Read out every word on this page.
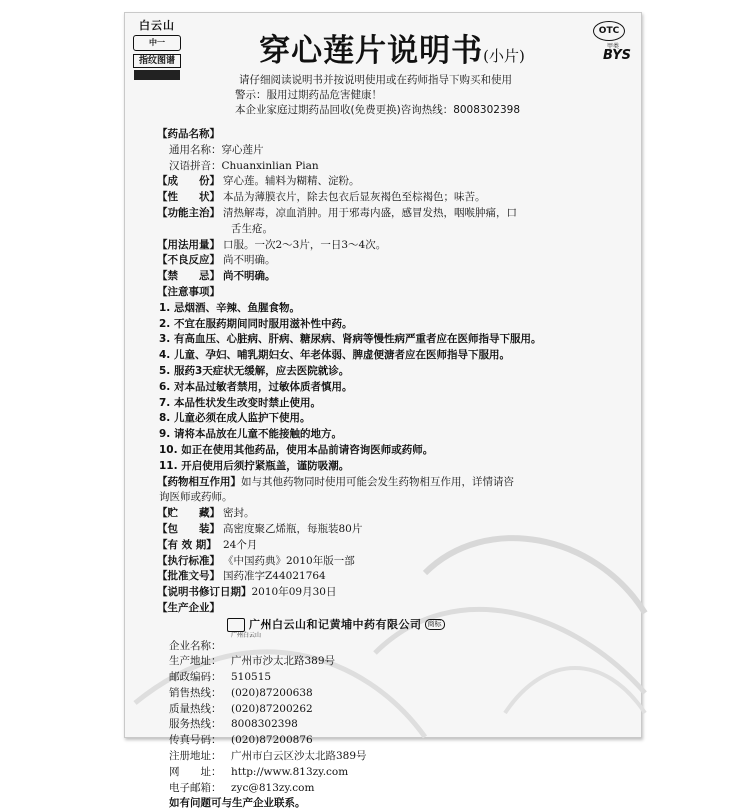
白云山
中一
指纹图谱	穿心莲片说明书(小片)
OTC
甲类
BYS
请仔细阅读说明书并按说明使用或在药师指导下购买和使用
警示：服用过期药品危害健康！
本企业家庭过期药品回收(免费更换)咨询热线：8008302398
【药品名称】
通用名称：穿心莲片
汉语拼音：Chuanxinlian Pian
【成　　份】 穿心莲。辅料为糊精、淀粉。
【性　　状】 本品为薄膜衣片，除去包衣后显灰褐色至棕褐色；味苦。
【功能主治】 清热解毒，凉血消肿。用于邪毒内盛，感冒发热，咽喉肿痛，口
舌生疮。
【用法用量】 口服。一次2～3片，一日3～4次。
【不良反应】 尚不明确。
【禁　　忌】 尚不明确。
【注意事项】
1. 忌烟酒、辛辣、鱼腥食物。
2. 不宜在服药期间同时服用滋补性中药。
3. 有高血压、心脏病、肝病、糖尿病、肾病等慢性病严重者应在医师指导下服用。
4. 儿童、孕妇、哺乳期妇女、年老体弱、脾虚便溏者应在医师指导下服用。
5. 服药3天症状无缓解，应去医院就诊。
6. 对本品过敏者禁用，过敏体质者慎用。
7. 本品性状发生改变时禁止使用。
8. 儿童必须在成人监护下使用。
9. 请将本品放在儿童不能接触的地方。
10. 如正在使用其他药品，使用本品前请咨询医师或药师。
11. 开启使用后须拧紧瓶盖，谨防吸潮。
【药物相互作用】如与其他药物同时使用可能会发生药物相互作用，详情请咨
询医师或药师。
【贮　　藏】 密封。
【包　　装】 高密度聚乙烯瓶，每瓶装80片
【有 效 期】 24个月
【执行标准】 《中国药典》2010年版一部
【批准文号】 国药准字Z44021764
【说明书修订日期】2010年09月30日
【生产企业】
广州白云山和记黄埔中药有限公司 商标
广州白云山
企业名称：
生产地址： 广州市沙太北路389号
邮政编码： 510515
销售热线： (020)87200638
质量热线： (020)87200262
服务热线： 8008302398
传真号码： (020)87200876
注册地址： 广州市白云区沙太北路389号
网　　址： http://www.813zy.com
电子邮箱： zyc@813zy.com
如有问题可与生产企业联系。
